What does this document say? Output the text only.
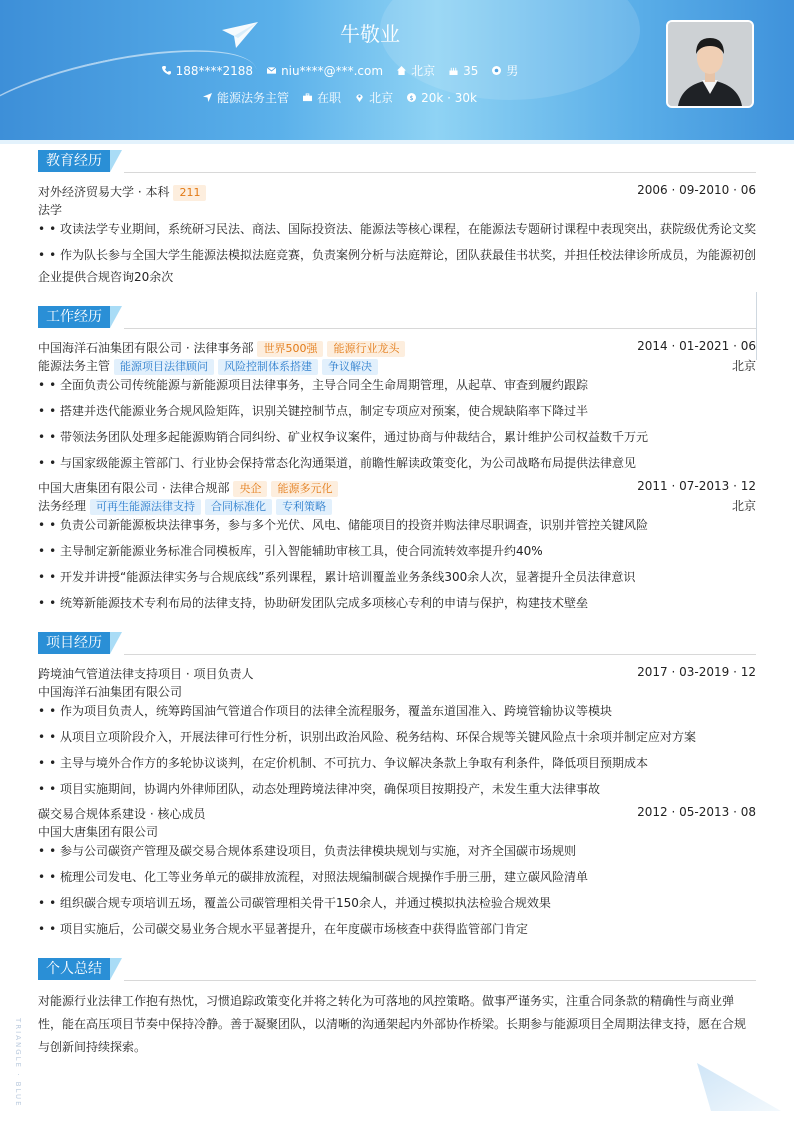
牛敬业
188****2188 niu****@***.com 北京 35 男
能源法务主管 在职 北京 $ 20k · 30k
教育经历
对外经济贸易大学 · 本科 211	2006 · 09-2010 · 06
法学
• • 攻读法学专业期间，系统研习民法、商法、国际投资法、能源法等核心课程，在能源法专题研讨课程中表现突出，获院级优秀论文奖
• • 作为队长参与全国大学生能源法模拟法庭竞赛，负责案例分析与法庭辩论，团队获最佳书状奖，并担任校法律诊所成员，为能源初创企业提供合规咨询20余次
工作经历
中国海洋石油集团有限公司 · 法律事务部 世界500强 能源行业龙头	2014 · 01-2021 · 06
能源法务主管 能源项目法律顾问 风险控制体系搭建 争议解决	北京
• • 全面负责公司传统能源与新能源项目法律事务，主导合同全生命周期管理，从起草、审查到履约跟踪
• • 搭建并迭代能源业务合规风险矩阵，识别关键控制节点，制定专项应对预案，使合规缺陷率下降过半
• • 带领法务团队处理多起能源购销合同纠纷、矿业权争议案件，通过协商与仲裁结合，累计维护公司权益数千万元
• • 与国家级能源主管部门、行业协会保持常态化沟通渠道，前瞻性解读政策变化，为公司战略布局提供法律意见
中国大唐集团有限公司 · 法律合规部 央企 能源多元化	2011 · 07-2013 · 12
法务经理 可再生能源法律支持 合同标准化 专利策略	北京
• • 负责公司新能源板块法律事务，参与多个光伏、风电、储能项目的投资并购法律尽职调查，识别并管控关键风险
• • 主导制定新能源业务标准合同模板库，引入智能辅助审核工具，使合同流转效率提升约40%
• • 开发并讲授“能源法律实务与合规底线”系列课程，累计培训覆盖业务条线300余人次，显著提升全员法律意识
• • 统筹新能源技术专利布局的法律支持，协助研发团队完成多项核心专利的申请与保护，构建技术壁垒
项目经历
跨境油气管道法律支持项目 · 项目负责人	2017 · 03-2019 · 12
中国海洋石油集团有限公司
• • 作为项目负责人，统筹跨国油气管道合作项目的法律全流程服务，覆盖东道国准入、跨境管输协议等模块
• • 从项目立项阶段介入，开展法律可行性分析，识别出政治风险、税务结构、环保合规等关键风险点十余项并制定应对方案
• • 主导与境外合作方的多轮协议谈判，在定价机制、不可抗力、争议解决条款上争取有利条件，降低项目预期成本
• • 项目实施期间，协调内外律师团队，动态处理跨境法律冲突，确保项目按期投产，未发生重大法律事故
碳交易合规体系建设 · 核心成员	2012 · 05-2013 · 08
中国大唐集团有限公司
• • 参与公司碳资产管理及碳交易合规体系建设项目，负责法律模块规划与实施，对齐全国碳市场规则
• • 梳理公司发电、化工等业务单元的碳排放流程，对照法规编制碳合规操作手册三册，建立碳风险清单
• • 组织碳合规专项培训五场，覆盖公司碳管理相关骨干150余人，并通过模拟执法检验合规效果
• • 项目实施后，公司碳交易业务合规水平显著提升，在年度碳市场核查中获得监管部门肯定
个人总结
对能源行业法律工作抱有热忱，习惯追踪政策变化并将之转化为可落地的风控策略。做事严谨务实，注重合同条款的精确性与商业弹性，能在高压项目节奏中保持冷静。善于凝聚团队，以清晰的沟通架起内外部协作桥梁。长期参与能源项目全周期法律支持，愿在合规与创新间持续探索。
TRIANGLE · BLUE
